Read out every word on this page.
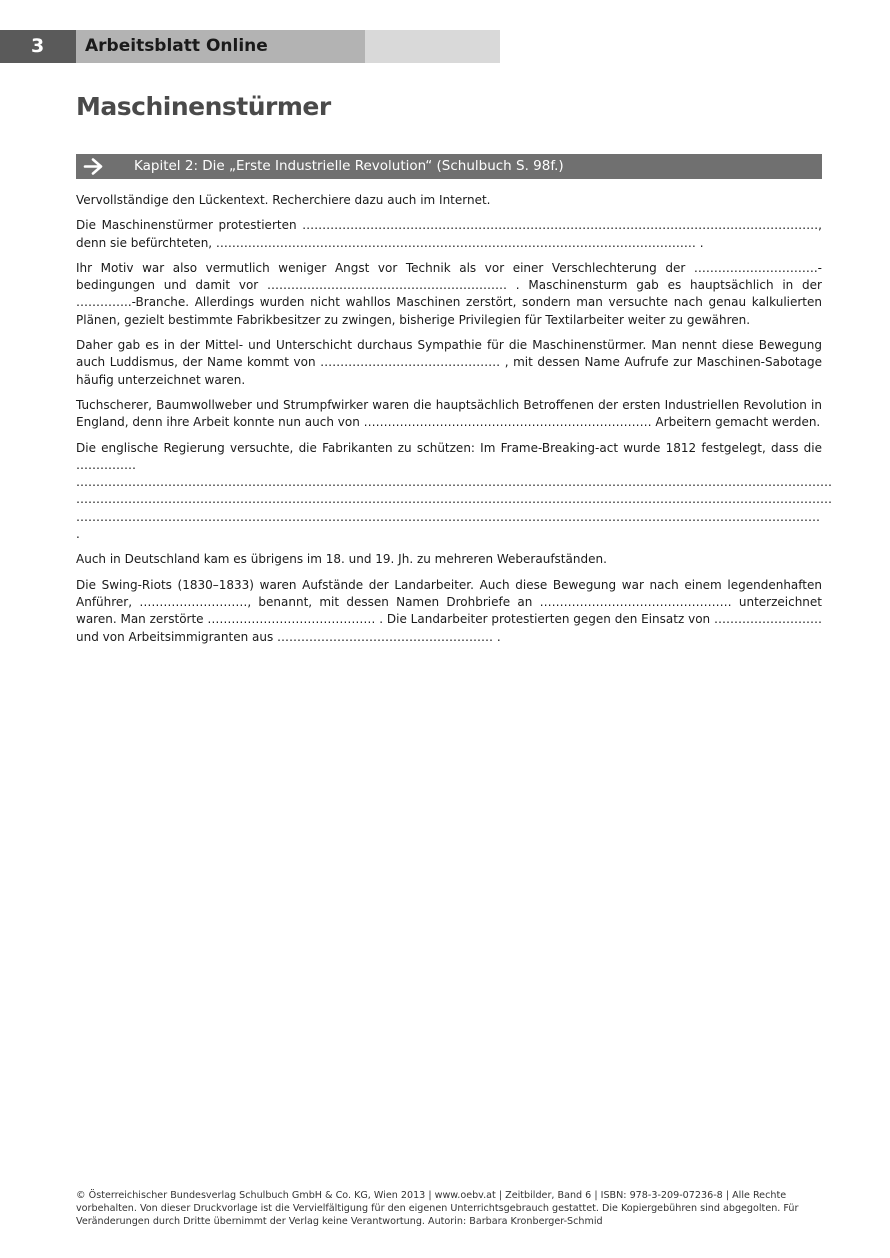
3	Arbeitsblatt Online
Maschinenstürmer
Kapitel 2: Die „Erste Industrielle Revolution“ (Schulbuch S. 98f.)

Vervollständige den Lückentext. Recherchiere dazu auch im Internet.

Die Maschinenstürmer protestierten …………………………………………………………………………………………………………………, denn sie befürchteten, ………………………………………………………………………………………………………… .

Ihr Motiv war also vermutlich weniger Angst vor Technik als vor einer Verschlechterung der ………………………….- bedingungen und damit vor …………………………………………………… . Maschinensturm gab es hauptsächlich in der …………..-Branche. Allerdings wurden nicht wahllos Maschinen zerstört, sondern man versuchte nach genau kalkulierten Plänen, gezielt bestimmte Fabrikbesitzer zu zwingen, bisherige Privilegien für Textilarbeiter weiter zu gewähren.

Daher gab es in der Mittel- und Unterschicht durchaus Sympathie für die Maschinenstürmer. Man nennt diese Bewegung auch Luddismus, der Name kommt von ……………………………………… , mit dessen Name Aufrufe zur Maschinen-Sabotage häufig unterzeichnet waren.

Tuchscherer, Baumwollweber und Strumpfwirker waren die hauptsächlich Betroffenen der ersten Industriellen Revolution in England, denn ihre Arbeit konnte nun auch von ……………………………………………………………… Arbeitern gemacht werden.

Die englische Regierung versuchte, die Fabrikanten zu schützen: Im Frame-Breaking-act wurde 1812 festgelegt, dass die …………… ……………………………………………………………………………………………………………………………………………………………………… ……………………………………………………………………………………………………………………………………………………………………… …………………………………………………………………………………………………………………………………………………………………… .

Auch in Deutschland kam es übrigens im 18. und 19. Jh. zu mehreren Weberaufständen.

Die Swing-Riots (1830–1833) waren Aufstände der Landarbeiter. Auch diese Bewegung war nach einem legendenhaften Anführer, ………………………, benannt, mit dessen Namen Drohbriefe an ………………………………………… unterzeichnet waren. Man zerstörte …………………………………… . Die Landarbeiter protestierten gegen den Einsatz von ……………………… und von Arbeitsimmigranten aus ……………………………………………… .

© Österreichischer Bundesverlag Schulbuch GmbH & Co. KG, Wien 2013 | www.oebv.at | Zeitbilder, Band 6 | ISBN: 978-3-209-07236-8 | Alle Rechte vorbehalten. Von dieser Druckvorlage ist die Vervielfältigung für den eigenen Unterrichtsgebrauch gestattet. Die Kopiergebühren sind abgegolten. Für Veränderungen durch Dritte übernimmt der Verlag keine Verantwortung. Autorin: Barbara Kronberger-Schmid
